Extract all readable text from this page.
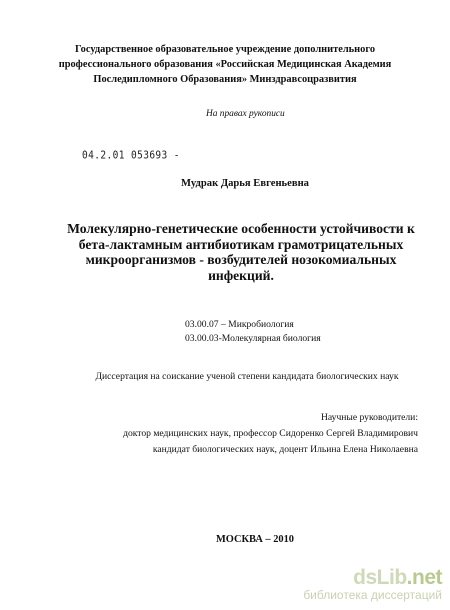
Государственное образовательное учреждение дополнительного
профессионального образования «Российская Медицинская Академия
Последипломного Образования» Минздравсоцразвития
На правах рукописи
04.2.01 053693 -
Мудрак Дарья Евгеньевна
Молекулярно-генетические особенности устойчивости к
бета-лактамным антибиотикам грамотрицательных
микроорганизмов - возбудителей нозокомиальных
инфекций.
03.00.07 – Микробиология
03.00.03-Молекулярная биология
Диссертация на соискание ученой степени кандидата биологических наук
Научные руководители:
доктор медицинских наук, профессор Сидоренко Сергей Владимирович
кандидат биологических наук, доцент Ильина Елена Николаевна
МОСКВА – 2010
dsLib.net
библиотека диссертаций
